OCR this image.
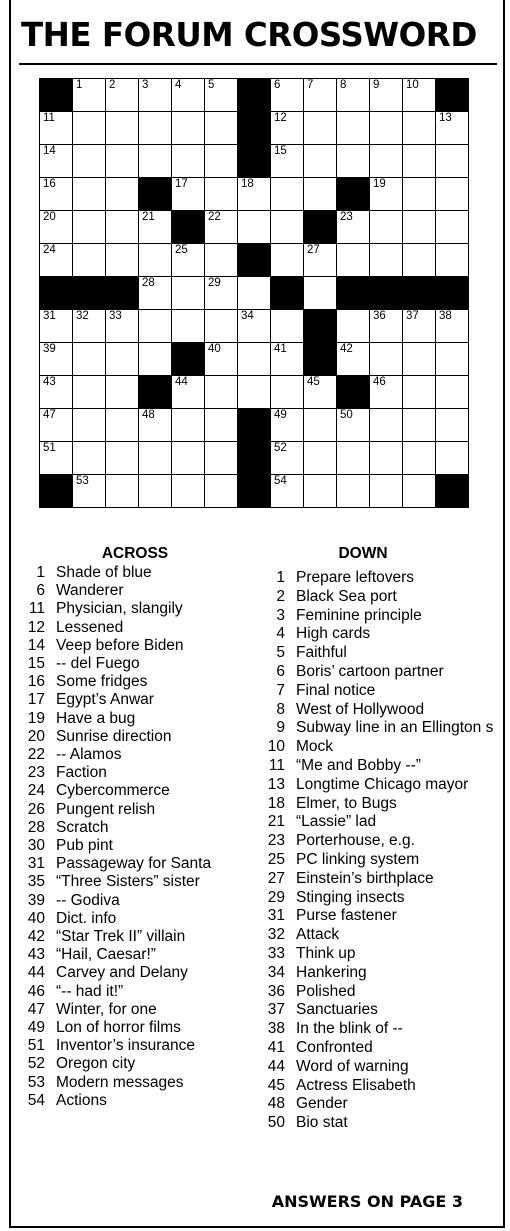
THE FORUM CROSSWORD
1 2 3 4 5	6 7 8 9 10
11	12	13
14	15
16	17	18	19
20	21	22	23
24	25	27
28	29
31 32 33	34	36 37 38
39	40	41	42
43	44	45	46
47	48	49	50
51	52
53	54
ACROSS
1 Shade of blue
6 Wanderer
11 Physician, slangily
12 Lessened
14 Veep before Biden
15 -- del Fuego
16 Some fridges
17 Egypt’s Anwar
19 Have a bug
20 Sunrise direction
22 -- Alamos
23 Faction
24 Cybercommerce
26 Pungent relish
28 Scratch
30 Pub pint
31 Passageway for Santa
35 “Three Sisters” sister
39 -- Godiva
40 Dict. info
42 “Star Trek II” villain
43 “Hail, Caesar!”
44 Carvey and Delany
46 “-- had it!”
47 Winter, for one
49 Lon of horror films
51 Inventor’s insurance
52 Oregon city
53 Modern messages
54 Actions
DOWN
1 Prepare leftovers
2 Black Sea port
3 Feminine principle
4 High cards
5 Faithful
6 Boris’ cartoon partner
7 Final notice
8 West of Hollywood
9 Subway line in an Ellington s
10 Mock
11 “Me and Bobby --”
13 Longtime Chicago mayor
18 Elmer, to Bugs
21 “Lassie” lad
23 Porterhouse, e.g.
25 PC linking system
27 Einstein’s birthplace
29 Stinging insects
31 Purse fastener
32 Attack
33 Think up
34 Hankering
36 Polished
37 Sanctuaries
38 In the blink of --
41 Confronted
44 Word of warning
45 Actress Elisabeth
48 Gender
50 Bio stat
ANSWERS ON PAGE 3
